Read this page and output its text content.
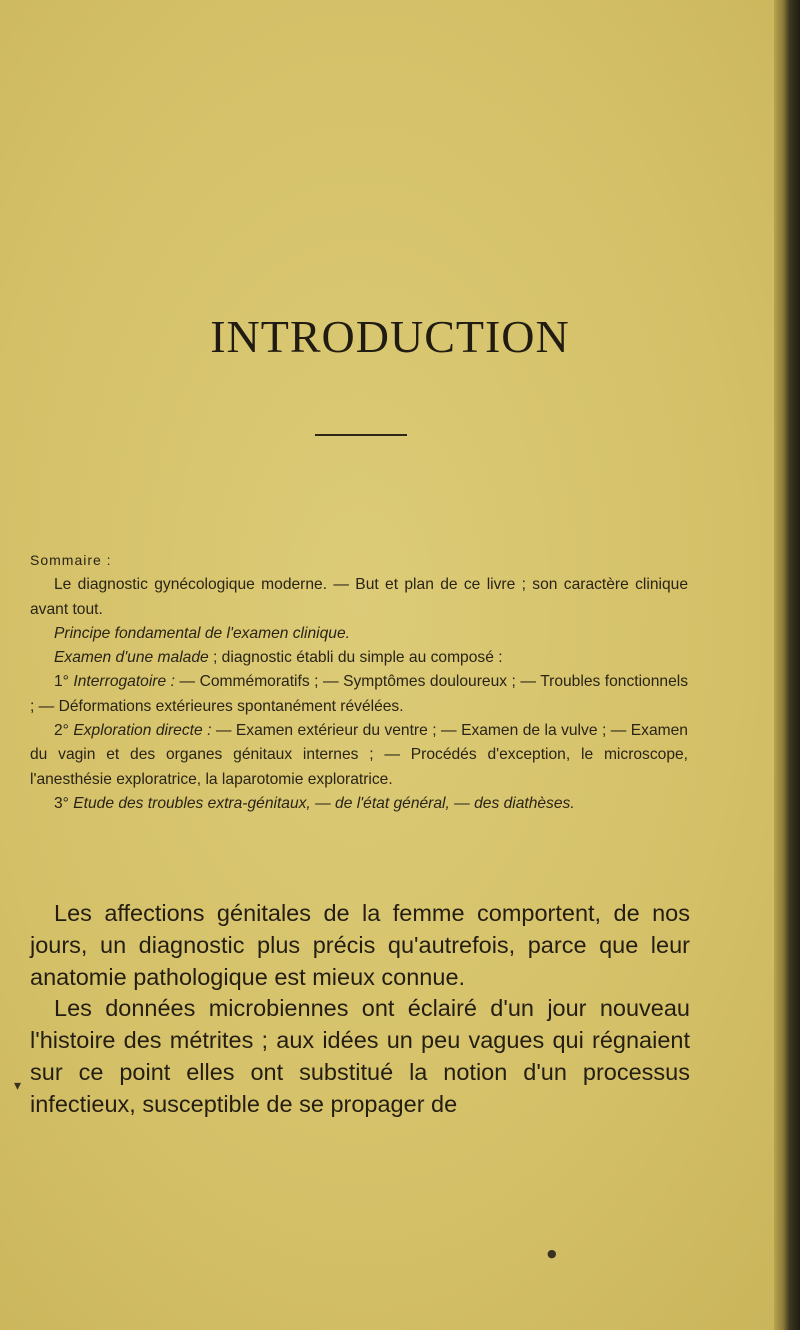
INTRODUCTION

Sommaire :

Le diagnostic gynécologique moderne. — But et plan de ce livre ; son caractère clinique avant tout.

Principe fondamental de l'examen clinique.

Examen d'une malade ; diagnostic établi du simple au composé :

1° Interrogatoire : — Commémoratifs ; — Symptômes douloureux ; — Troubles fonctionnels ; — Déformations extérieures spontanément révélées.

2° Exploration directe : — Examen extérieur du ventre ; — Examen de la vulve ; — Examen du vagin et des organes génitaux internes ; — Procédés d'exception, le microscope, l'anesthésie exploratrice, la laparotomie exploratrice.

3° Etude des troubles extra-génitaux, — de l'état général, — des diathèses.

Les affections génitales de la femme comportent, de nos jours, un diagnostic plus précis qu'autrefois, parce que leur anatomie pathologique est mieux connue.

Les données microbiennes ont éclairé d'un jour nouveau l'histoire des métrites ; aux idées un peu vagues qui régnaient sur ce point elles ont substitué la notion d'un processus infectieux, susceptible de se propager de

▾
●
